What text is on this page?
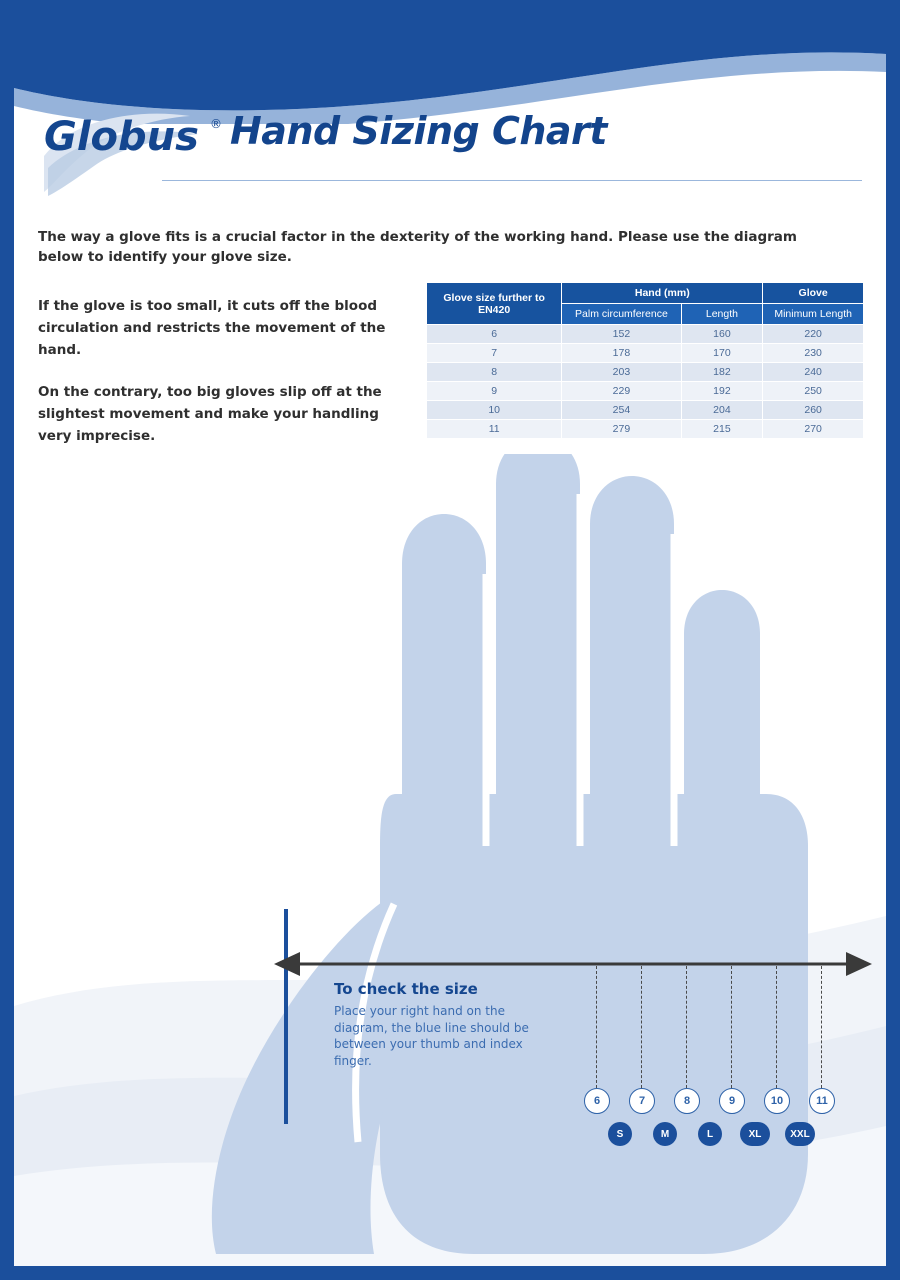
Globus ® Hand Sizing Chart
The way a glove fits is a crucial factor in the dexterity of the working hand. Please use the diagram below to identify your glove size.
If the glove is too small, it cuts off the blood circulation and restricts the movement of the hand.
On the contrary, too big gloves slip off at the slightest movement and make your handling very imprecise.
Glove size further to EN420	Hand (mm)		Glove
	Palm circumference	Length	Minimum Length
6	152	160	220
7	178	170	230
8	203	182	240
9	229	192	250
10	254	204	260
11	279	215	270
To check the size
Place your right hand on the diagram, the blue line should be between your thumb and index finger.
6	7	8	9	10	11
S	M	L	XL	XXL
